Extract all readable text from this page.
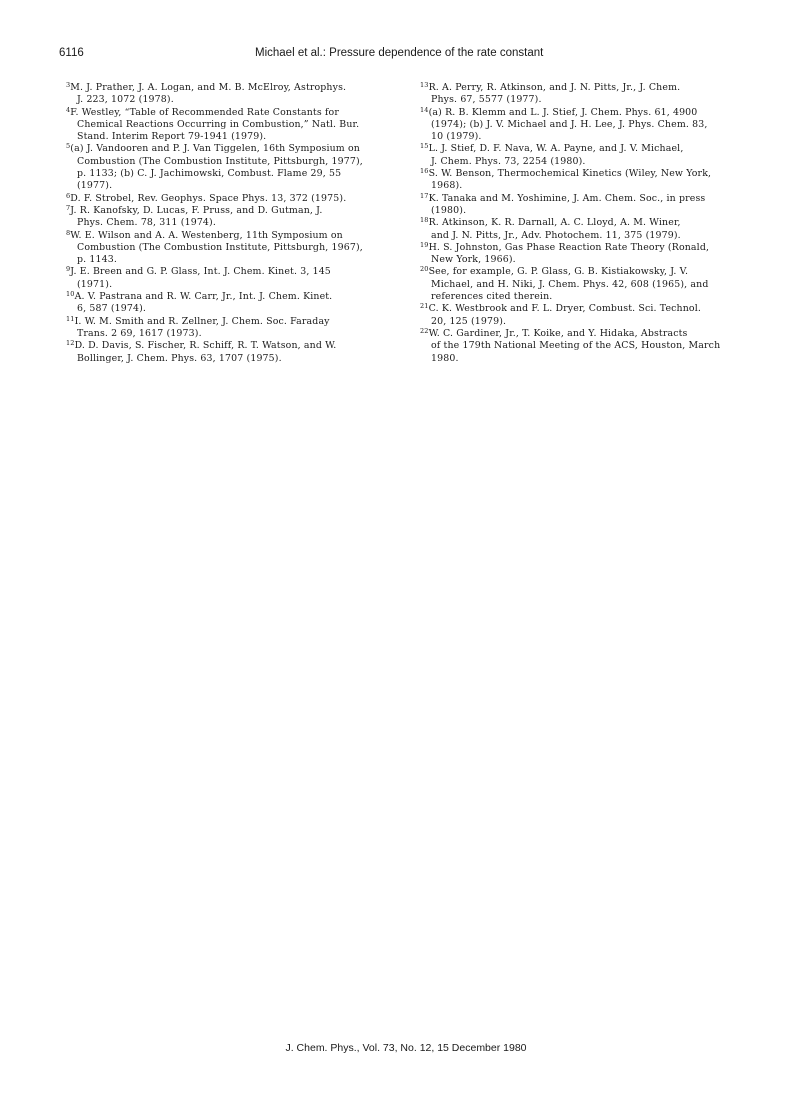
6116	Michael et al.: Pressure dependence of the rate constant
$^3$M. J. Prather, J. A. Logan, and M. B. McElroy, Astrophys.
J. 223, 1072 (1978).
$^4$F. Westley, “Table of Recommended Rate Constants for
Chemical Reactions Occurring in Combustion,” Natl. Bur.
Stand. Interim Report 79-1941 (1979).
$^5$(a) J. Vandooren and P. J. Van Tiggelen, 16th Symposium on
Combustion (The Combustion Institute, Pittsburgh, 1977),
p. 1133; (b) C. J. Jachimowski, Combust. Flame 29, 55
(1977).
$^6$D. F. Strobel, Rev. Geophys. Space Phys. 13, 372 (1975).
$^7$J. R. Kanofsky, D. Lucas, F. Pruss, and D. Gutman, J.
Phys. Chem. 78, 311 (1974).
$^8$W. E. Wilson and A. A. Westenberg, 11th Symposium on
Combustion (The Combustion Institute, Pittsburgh, 1967),
p. 1143.
$^9$J. E. Breen and G. P. Glass, Int. J. Chem. Kinet. 3, 145
(1971).
$^{10}$A. V. Pastrana and R. W. Carr, Jr., Int. J. Chem. Kinet.
6, 587 (1974).
$^{11}$I. W. M. Smith and R. Zellner, J. Chem. Soc. Faraday
Trans. 2 69, 1617 (1973).
$^{12}$D. D. Davis, S. Fischer, R. Schiff, R. T. Watson, and W.
Bollinger, J. Chem. Phys. 63, 1707 (1975).
$^{13}$R. A. Perry, R. Atkinson, and J. N. Pitts, Jr., J. Chem.
Phys. 67, 5577 (1977).
$^{14}$(a) R. B. Klemm and L. J. Stief, J. Chem. Phys. 61, 4900
(1974); (b) J. V. Michael and J. H. Lee, J. Phys. Chem. 83,
10 (1979).
$^{15}$L. J. Stief, D. F. Nava, W. A. Payne, and J. V. Michael,
J. Chem. Phys. 73, 2254 (1980).
$^{16}$S. W. Benson, Thermochemical Kinetics (Wiley, New York,
1968).
$^{17}$K. Tanaka and M. Yoshimine, J. Am. Chem. Soc., in press
(1980).
$^{18}$R. Atkinson, K. R. Darnall, A. C. Lloyd, A. M. Winer,
and J. N. Pitts, Jr., Adv. Photochem. 11, 375 (1979).
$^{19}$H. S. Johnston, Gas Phase Reaction Rate Theory (Ronald,
New York, 1966).
$^{20}$See, for example, G. P. Glass, G. B. Kistiakowsky, J. V.
Michael, and H. Niki, J. Chem. Phys. 42, 608 (1965), and
references cited therein.
$^{21}$C. K. Westbrook and F. L. Dryer, Combust. Sci. Technol.
20, 125 (1979).
$^{22}$W. C. Gardiner, Jr., T. Koike, and Y. Hidaka, Abstracts
of the 179th National Meeting of the ACS, Houston, March
1980.
J. Chem. Phys., Vol. 73, No. 12, 15 December 1980
